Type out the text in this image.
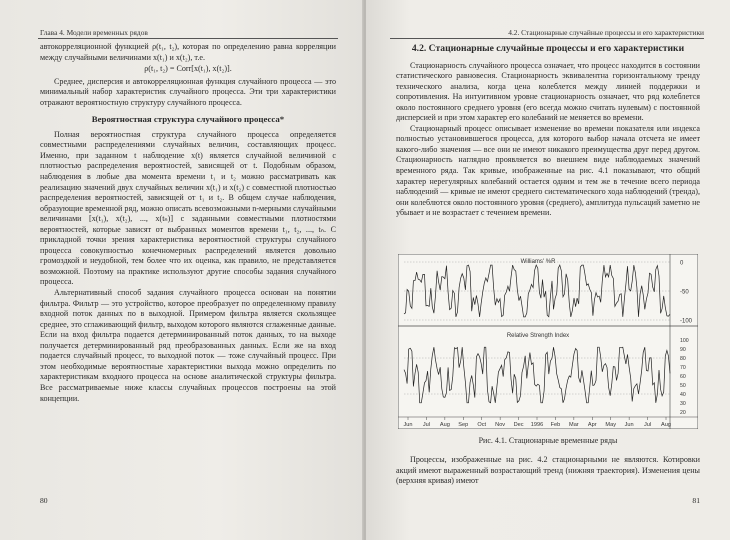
Глава 4. Модели временных рядов

автокорреляционной функцией ρ(t₁, t₂), которая по определению равна корреляции между случайными величинами x(t₁) и x(t₂), т.е.

ρ(t₁, t₂) = Corr[x(t₁), x(t₂)].

Среднее, дисперсия и автокорреляционная функция случайного процесса — это минимальный набор характеристик случайного процесса. Эти три характеристики отражают вероятностную структуру случайного процесса.

Вероятностная структура случайного процесса*

Полная вероятностная структура случайного процесса определяется совместными распределениями случайных величин, составляющих процесс. Именно, при заданном t наблюдение x(t) является случайной величиной с плотностью распределения вероятностей, зависящей от t. Подобным образом, наблюдения в любые два момента времени t₁ и t₂ можно рассматривать как реализацию значений двух случайных величин x(t₁) и x(t₂) с совместной плотностью распределения вероятностей, зависящей от t₁ и t₂. В общем случае наблюдения, образующие временной ряд, можно описать всевозможными n-мерными случайными величинами [x(t₁), x(t₂), ..., x(tₙ)] с заданными совместными плотностями вероятностей, которые зависят от выбранных моментов времени t₁, t₂, ..., tₙ. С прикладной точки зрения характеристика вероятностной структуры случайного процесса совокупностью конечномерных распределений является довольно громоздкой и неудобной, тем более что их оценка, как правило, не представляется возможной. Поэтому на практике используют другие способы задания случайного процесса.

Альтернативный способ задания случайного процесса основан на понятии фильтра. Фильтр — это устройство, которое преобразует по определенному правилу входной поток данных по в выходной. Примером фильтра является скользящее среднее, это сглаживающий фильтр, выходом которого являются сглаженные данные. Если на вход фильтра подается детерминированный поток данных, то на выходе получается детерминированный ряд преобразованных данных. Если же на вход подается случайный процесс, то выходной поток — тоже случайный процесс. При этом необходимые вероятностные характеристики выхода можно определить по характеристикам входного процесса на основе аналитической структуры фильтра. Все рассматриваемые ниже классы случайных процессов построены на этой концепции.

80
4.2. Стационарные случайные процессы и его характеристики
4.2. Стационарные случайные процессы и его характеристики

Стационарность случайного процесса означает, что процесс находится в состоянии статистического равновесия. Стационарность эквивалентна горизонтальному тренду технического анализа, когда цена колеблется между линией поддержки и сопротивления. На интуитивном уровне стационарность означает, что ряд колеблется около постоянного среднего уровня (его всегда можно считать нулевым) с постоянной дисперсией и при этом характер его колебаний не меняется во времени.

Стационарный процесс описывает изменение во времени показателя или индекса полностью установившегося процесса, для которого выбор начала отсчета не имеет какого-либо значения — все они не имеют никакого преимущества друг перед другом. Стационарность наглядно проявляется во внешнем виде наблюдаемых значений временного ряда. Так кривые, изображенные на рис. 4.1 показывают, что общий характер нерегулярных колебаний остается одним и тем же в течение всего периода наблюдений — кривые не имеют среднего систематического хода наблюдений (тренда), они колеблются около постоянного уровня (среднего), амплитуда пульсаций заметно не убывает и не возрастает с течением времени.

0
-50
-100
Williams' %R
100
90
80
70
60
50
40
30
20
Relative Strength Index
Jun Jul Aug Sep Oct Nov Dec 1996 Feb Mar Apr May Jun Jul Aug
Рис. 4.1. Стационарные временные ряды

Процессы, изображенные на рис. 4.2 стационарными не являются. Котировки акций имеют выраженный возрастающий тренд (нижняя траектория). Изменения цены (верхняя кривая) имеют

81
